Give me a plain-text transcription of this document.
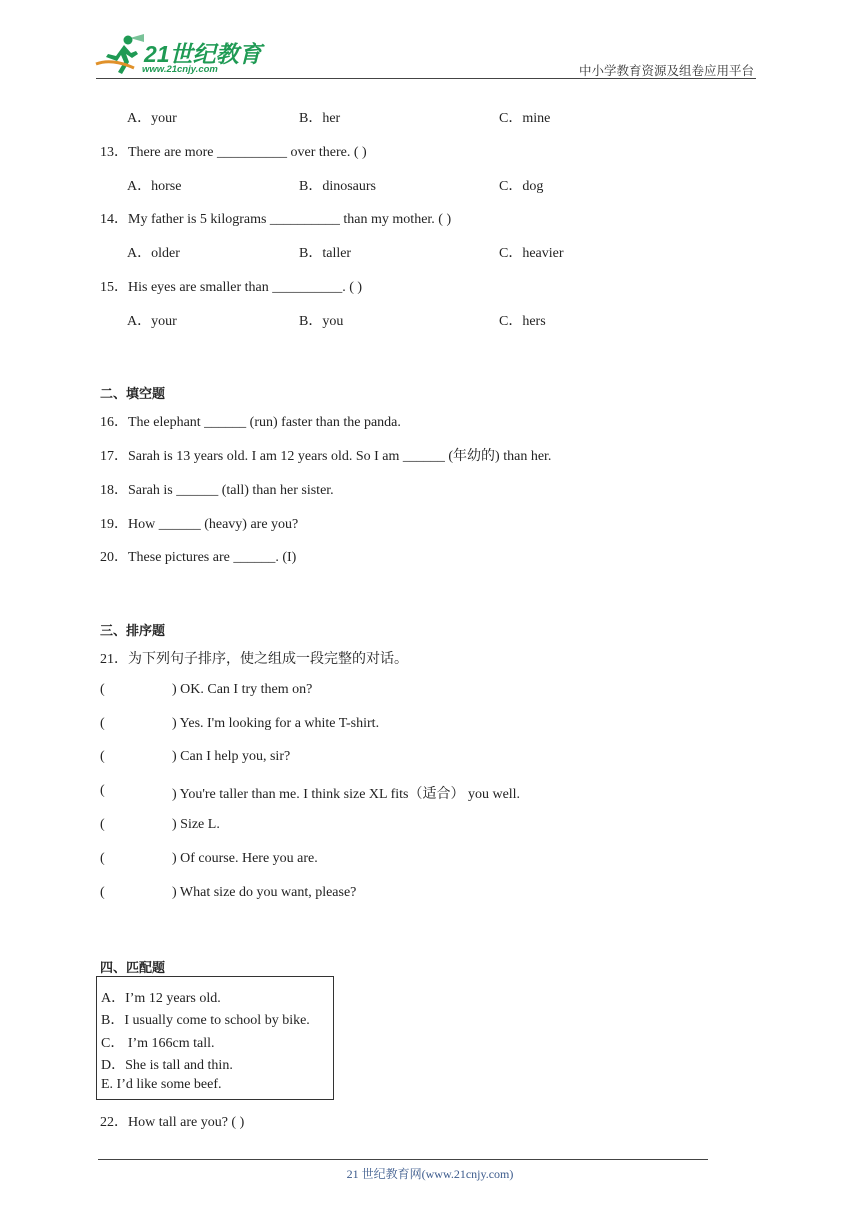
21世纪教育
www.21cnjy.com	中小学教育资源及组卷应用平台
A．your	B．her	C．mine
13．There are more __________ over there. ( )
A．horse	B．dinosaurs	C．dog
14．My father is 5 kilograms __________ than my mother. ( )
A．older	B．taller	C．heavier
15．His eyes are smaller than __________. ( )
A．your	B．you	C．hers
二、填空题
16．The elephant ______ (run) faster than the panda.
17．Sarah is 13 years old. I am 12 years old. So I am ______ (年幼的) than her.
18．Sarah is ______ (tall) than her sister.
19．How ______ (heavy) are you?
20．These pictures are ______. (I)
三、排序题
21．为下列句子排序，使之组成一段完整的对话。
(	) OK. Can I try them on?
(	) Yes. I'm looking for a white T-shirt.
(	) Can I help you, sir?
(	) You're taller than me. I think size XL fits（适合） you well.
(	) Size L.
(	) Of course. Here you are.
(	) What size do you want, please?
四、匹配题
A．I’m 12 years old.
B．I usually come to school by bike.
C． I’m 166cm tall.
D．She is tall and thin.
E. I’d like some beef.
22．How tall are you? ( )
21 世纪教育网(www.21cnjy.com)
